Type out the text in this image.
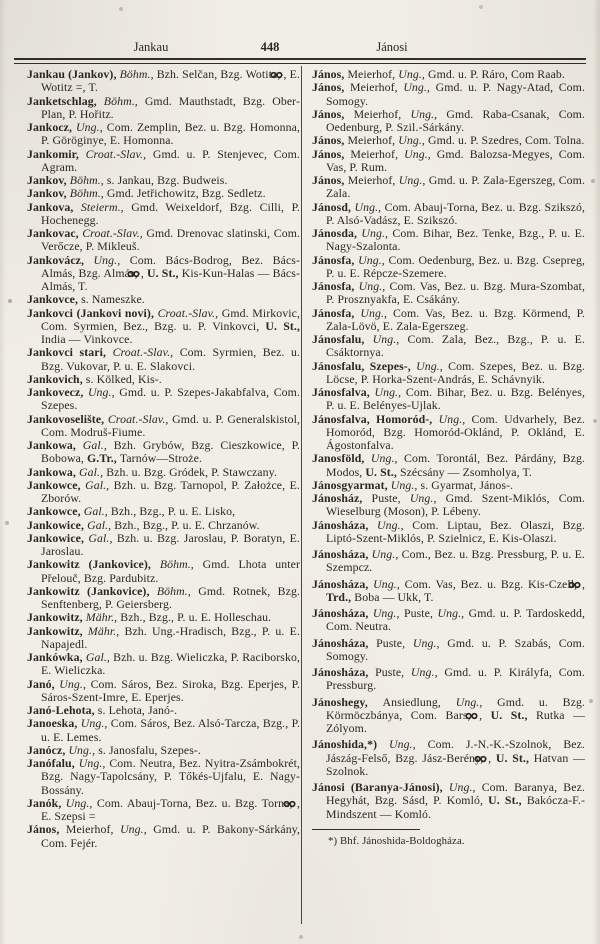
Jankau	448	Jánosi

Jankau (Jankov), Böhm., Bzh. Selčan, Bzg. Wotitz, , E. Wotitz =, T.

Janketschlag, Böhm., Gmd. Mauthstadt, Bzg. Ober-Plan, P. Hořitz.

Jankocz, Ung., Com. Zemplin, Bez. u. Bzg. Homonna, P. Göröginye, E. Homonna.

Jankomir, Croat.-Slav., Gmd. u. P. Stenjevec, Com. Agram.

Jankov, Böhm., s. Jankau, Bzg. Budweis.

Jankov, Böhm., Gmd. Jetřichowitz, Bzg. Sedletz.

Jankova, Steierm., Gmd. Weixeldorf, Bzg. Cilli, P. Hochenegg.

Jankovac, Croat.-Slav., Gmd. Drenovac slatinski, Com. Verőcze, P. Mikleuš.

Jankovácz, Ung., Com. Bács-Bodrog, Bez. Bács-Almás, Bzg. Almás, , U. St., Kis-Kun-Halas — Bács-Almás, T.

Jankovce, s. Nameszke.

Jankovci (Jankovi novi), Croat.-Slav., Gmd. Mirkovic, Com. Syrmien, Bez., Bzg. u. P. Vinkovci, U. St., India — Vinkovce.

Jankovci stari, Croat.-Slav., Com. Syrmien, Bez. u. Bzg. Vukovar, P. u. E. Slakovci.

Jankovich, s. Kölked, Kis-.

Jankovecz, Ung., Gmd. u. P. Szepes-Jakabfalva, Com. Szepes.

Jankovoselište, Croat.-Slav., Gmd. u. P. Generalskistol, Com. Modruš-Fiume.

Jankowa, Gal., Bzh. Grybów, Bzg. Cieszkowice, P. Bobowa, G.Tr., Tarnów—Stroże.

Jankowa, Gal., Bzh. u. Bzg. Gródek, P. Stawczany.

Jankowce, Gal., Bzh. u. Bzg. Tarnopol, P. Założce, E. Zborów.

Jankowce, Gal., Bzh., Bzg., P. u. E. Lisko,

Jankowice, Gal., Bzh., Bzg., P. u. E. Chrzanów.

Jankowice, Gal., Bzh. u. Bzg. Jaroslau, P. Boratyn, E. Jaroslau.

Jankowitz (Jankovice), Böhm., Gmd. Lhota unter Přelouč, Bzg. Pardubitz.

Jankowitz (Jankovice), Böhm., Gmd. Rotnek, Bzg. Senftenberg, P. Geiersberg.

Jankowitz, Mähr., Bzh., Bzg., P. u. E. Holleschau.

Jankowitz, Mähr., Bzh. Ung.-Hradisch, Bzg., P. u. E. Napajedl.

Jankówka, Gal., Bzh. u. Bzg. Wieliczka, P. Raciborsko, E. Wieliczka.

Janó, Ung., Com. Sáros, Bez. Siroka, Bzg. Eperjes, P. Sáros-Szent-Imre, E. Eperjes.

Janó-Lehota, s. Lehota, Janó-.

Janoeska, Ung., Com. Sáros, Bez. Alsó-Tarcza, Bzg., P. u. E. Lemes.

Janócz, Ung., s. Janosfalu, Szepes-.

Janófalu, Ung., Com. Neutra, Bez. Nyitra-Zsámbokrét, Bzg. Nagy-Tapolcsány, P. Tőkés-Ujfalu, E. Nagy-Bossány.

Janók, Ung., Com. Abauj-Torna, Bez. u. Bzg. Torna, , E. Szepsi =

János, Meierhof, Ung., Gmd. u. P. Bakony-Sárkány, Com. Fejér.

János, Meierhof, Ung., Gmd. u. P. Ráro, Com Raab.

János, Meierhof, Ung., Gmd. u. P. Nagy-Atad, Com. Somogy.

János, Meierhof, Ung., Gmd. Raba-Csanak, Com. Oedenburg, P. Szil.-Sárkány.

János, Meierhof, Ung., Gmd. u. P. Szedres, Com. Tolna.

János, Meierhof, Ung., Gmd. Balozsa-Megyes, Com. Vas, P. Rum.

János, Meierhof, Ung., Gmd. u. P. Zala-Egerszeg, Com. Zala.

Jánosd, Ung., Com. Abauj-Torna, Bez. u. Bzg. Szikszó, P. Alsó-Vadász, E. Szikszó.

Jánosda, Ung., Com. Bihar, Bez. Tenke, Bzg., P. u. E. Nagy-Szalonta.

Jánosfa, Ung., Com. Oedenburg, Bez. u. Bzg. Csepreg, P. u. E. Répcze-Szemere.

Jánosfa, Ung., Com. Vas, Bez. u. Bzg. Mura-Szombat, P. Prosznyakfa, E. Csákány.

Jánosfa, Ung., Com. Vas, Bez. u. Bzg. Körmend, P. Zala-Lövö, E. Zala-Egerszeg.

Jánosfalu, Ung., Com. Zala, Bez., Bzg., P. u. E. Csáktornya.

Jánosfalu, Szepes-, Ung., Com. Szepes, Bez. u. Bzg. Löcse, P. Horka-Szent-András, E. Schávnyik.

Jánosfalva, Ung., Com. Bihar, Bez. u. Bzg. Belényes, P. u. E. Belényes-Ujlak.

Jánosfalva, Homoród-, Ung., Com. Udvarhely, Bez. Homoród, Bzg. Homoród-Oklánd, P. Oklánd, E. Ágostonfalva.

Janosföld, Ung., Com. Torontál, Bez. Párdány, Bzg. Modos, U. St., Szécsány — Zsomholya, T.

Jánosgyarmat, Ung., s. Gyarmat, János-.

Jánosház, Puste, Ung., Gmd. Szent-Miklós, Com. Wieselburg (Moson), P. Lébeny.

Jánosháza, Ung., Com. Liptau, Bez. Olaszi, Bzg. Liptó-Szent-Miklós, P. Szielnicz, E. Kis-Olaszi.

Jánosháza, Ung., Com., Bez. u. Bzg. Pressburg, P. u. E. Szempcz.

Jánosháza, Ung., Com. Vas, Bez. u. Bzg. Kis-Czell, , Trd., Boba — Ukk, T.

Jánosháza, Ung., Puste, Ung., Gmd. u. P. Tardoskedd, Com. Neutra.

Jánosháza, Puste, Ung., Gmd. u. P. Szabás, Com. Somogy.

Jánosháza, Puste, Ung., Gmd. u. P. Királyfa, Com. Pressburg.

Jánoshegy, Ansiedlung, Ung., Gmd. u. Bzg. Körmöczbánya, Com. Bars, , U. St., Rutka — Zólyom.

Jánoshida,*) Ung., Com. J.-N.-K.-Szolnok, Bez. Jászág-Felső, Bzg. Jász-Berény, , U. St., Hatvan — Szolnok.

Jánosi (Baranya-Jánosi), Ung., Com. Baranya, Bez. Hegyhát, Bzg. Sásd, P. Komló, U. St., Bakócza-F.-Mindszent — Komló.

*) Bhf. Jánoshida-Boldogháza.
